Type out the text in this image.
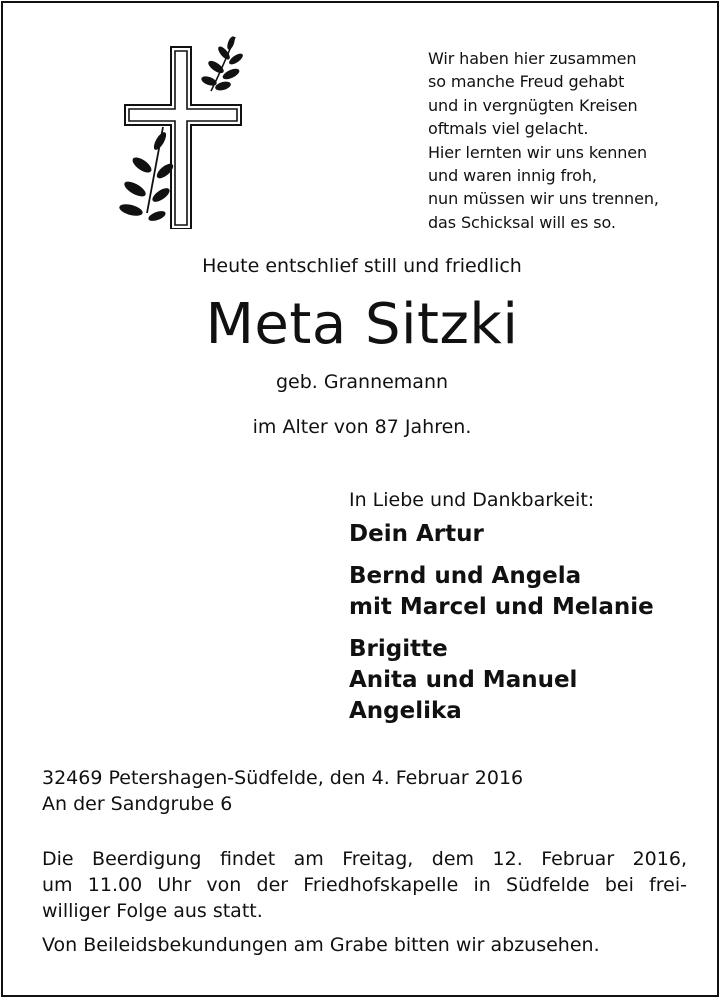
Wir haben hier zusammen
so manche Freud gehabt
und in vergnügten Kreisen
oftmals viel gelacht.
Hier lernten wir uns kennen
und waren innig froh,
nun müssen wir uns trennen,
das Schicksal will es so.
Heute entschlief still und friedlich
Meta Sitzki
geb. Grannemann
im Alter von 87 Jahren.
In Liebe und Dankbarkeit:
Dein Artur
Bernd und Angela
mit Marcel und Melanie
Brigitte
Anita und Manuel
Angelika
32469 Petershagen-Südfelde, den 4. Februar 2016
An der Sandgrube 6
Die Beerdigung findet am Freitag, dem 12. Februar 2016,
um 11.00 Uhr von der Friedhofskapelle in Südfelde bei frei-
williger Folge aus statt.
Von Beileidsbekundungen am Grabe bitten wir abzusehen.
